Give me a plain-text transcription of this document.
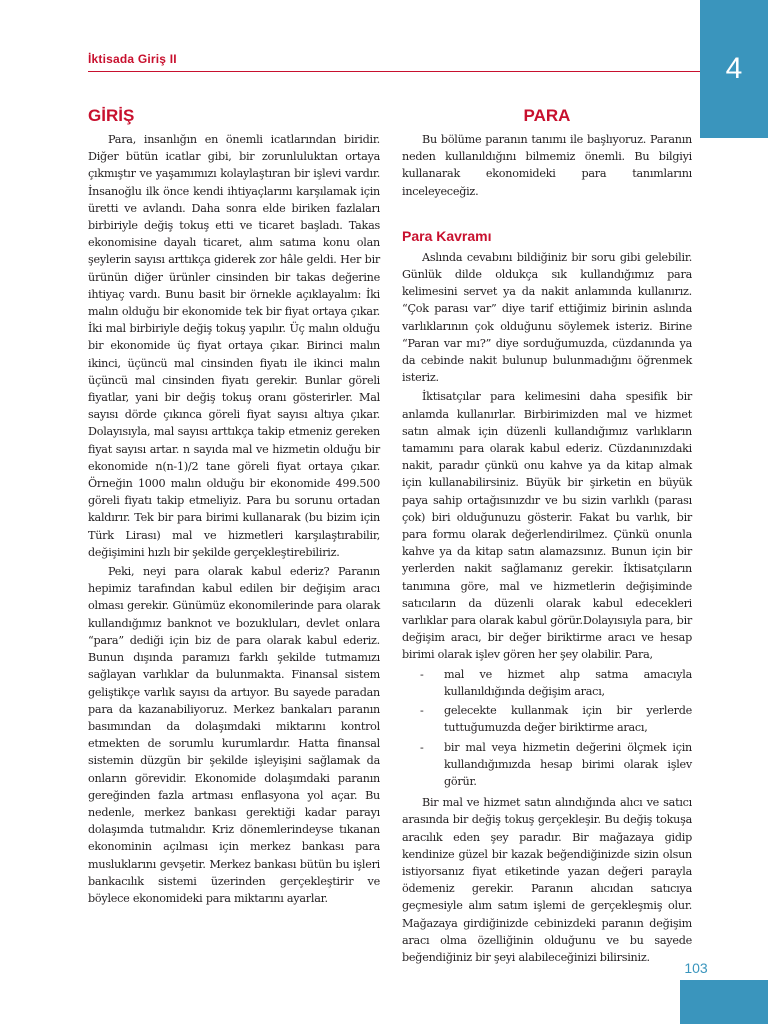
İktisada Giriş II	4
GİRİŞ

Para, insanlığın en önemli icatlarından biridir. Diğer bütün icatlar gibi, bir zorunluluktan ortaya çıkmıştır ve yaşamımızı kolaylaştıran bir işlevi vardır. İnsanoğlu ilk önce kendi ihtiyaçlarını karşılamak için üretti ve avlandı. Daha sonra elde biriken fazlaları birbiriyle değiş tokuş etti ve ticaret başladı. Takas ekonomisine dayalı ticaret, alım satıma konu olan şeylerin sayısı arttıkça giderek zor hâle geldi. Her bir ürünün diğer ürünler cinsinden bir takas değerine ihtiyaç vardı. Bunu basit bir örnekle açıklayalım: İki malın olduğu bir ekonomide tek bir fiyat ortaya çıkar. İki mal birbiriyle değiş tokuş yapılır. Üç malın olduğu bir ekonomide üç fiyat ortaya çıkar. Birinci malın ikinci, üçüncü mal cinsinden fiyatı ile ikinci malın üçüncü mal cinsinden fiyatı gerekir. Bunlar göreli fiyatlar, yani bir değiş tokuş oranı gösterirler. Mal sayısı dörde çıkınca göreli fiyat sayısı altıya çıkar. Dolayısıyla, mal sayısı arttıkça takip etmeniz gereken fiyat sayısı artar. n sayıda mal ve hizmetin olduğu bir ekonomide n(n-1)/2 tane göreli fiyat ortaya çıkar. Örneğin 1000 malın olduğu bir ekonomide 499.500 göreli fiyatı takip etmeliyiz. Para bu sorunu ortadan kaldırır. Tek bir para birimi kullanarak (bu bizim için Türk Lirası) mal ve hizmetleri karşılaştırabilir, değişimini hızlı bir şekilde gerçekleştirebiliriz.

Peki, neyi para olarak kabul ederiz? Paranın hepimiz tarafından kabul edilen bir değişim aracı olması gerekir. Günümüz ekonomilerinde para olarak kullandığımız banknot ve bozukluları, devlet onlara “para” dediği için biz de para olarak kabul ederiz. Bunun dışında paramızı farklı şekilde tutmamızı sağlayan varlıklar da bulunmakta. Finansal sistem geliştikçe varlık sayısı da artıyor. Bu sayede paradan para da kazanabiliyoruz. Merkez bankaları paranın basımından da dolaşımdaki miktarını kontrol etmekten de sorumlu kurumlardır. Hatta finansal sistemin düzgün bir şekilde işleyişini sağlamak da onların görevidir. Ekonomide dolaşımdaki paranın gereğinden fazla artması enflasyona yol açar. Bu nedenle, merkez bankası gerektiği kadar parayı dolaşımda tutmalıdır. Kriz dönemlerindeyse tıkanan ekonominin açılması için merkez bankası para musluklarını gevşetir. Merkez bankası bütün bu işleri bankacılık sistemi üzerinden gerçekleştirir ve böylece ekonomideki para miktarını ayarlar.

PARA

Bu bölüme paranın tanımı ile başlıyoruz. Paranın neden kullanıldığını bilmemiz önemli. Bu bilgiyi kullanarak ekonomideki para tanımlarını inceleyeceğiz.

Para Kavramı

Aslında cevabını bildiğiniz bir soru gibi gelebilir. Günlük dilde oldukça sık kullandığımız para kelimesini servet ya da nakit anlamında kullanırız. “Çok parası var” diye tarif ettiğimiz birinin aslında varlıklarının çok olduğunu söylemek isteriz. Birine “Paran var mı?” diye sorduğumuzda, cüzdanında ya da cebinde nakit bulunup bulunmadığını öğrenmek isteriz.

İktisatçılar para kelimesini daha spesifik bir anlamda kullanırlar. Birbirimizden mal ve hizmet satın almak için düzenli kullandığımız varlıkların tamamını para olarak kabul ederiz. Cüzdanınızdaki nakit, paradır çünkü onu kahve ya da kitap almak için kullanabilirsiniz. Büyük bir şirketin en büyük paya sahip ortağısınızdır ve bu sizin varlıklı (parası çok) biri olduğunuzu gösterir. Fakat bu varlık, bir para formu olarak değerlendirilmez. Çünkü onunla kahve ya da kitap satın alamazsınız. Bunun için bir yerlerden nakit sağlamanız gerekir. İktisatçıların tanımına göre, mal ve hizmetlerin değişiminde satıcıların da düzenli olarak kabul edecekleri varlıklar para olarak kabul görür.Dolayısıyla para, bir değişim aracı, bir değer biriktirme aracı ve hesap birimi olarak işlev gören her şey olabilir. Para,

- mal ve hizmet alıp satma amacıyla kullanıldığında değişim aracı,
- gelecekte kullanmak için bir yerlerde tuttuğumuzda değer biriktirme aracı,
- bir mal veya hizmetin değerini ölçmek için kullandığımızda hesap birimi olarak işlev görür.

Bir mal ve hizmet satın alındığında alıcı ve satıcı arasında bir değiş tokuş gerçekleşir. Bu değiş tokuşa aracılık eden şey paradır. Bir mağazaya gidip kendinize güzel bir kazak beğendiğinizde sizin olsun istiyorsanız fiyat etiketinde yazan değeri parayla ödemeniz gerekir. Paranın alıcıdan satıcıya geçmesiyle alım satım işlemi de gerçekleşmiş olur. Mağazaya girdiğinizde cebinizdeki paranın değişim aracı olma özelliğinin olduğunu ve bu sayede beğendiğiniz bir şeyi alabileceğinizi bilirsiniz.

103
